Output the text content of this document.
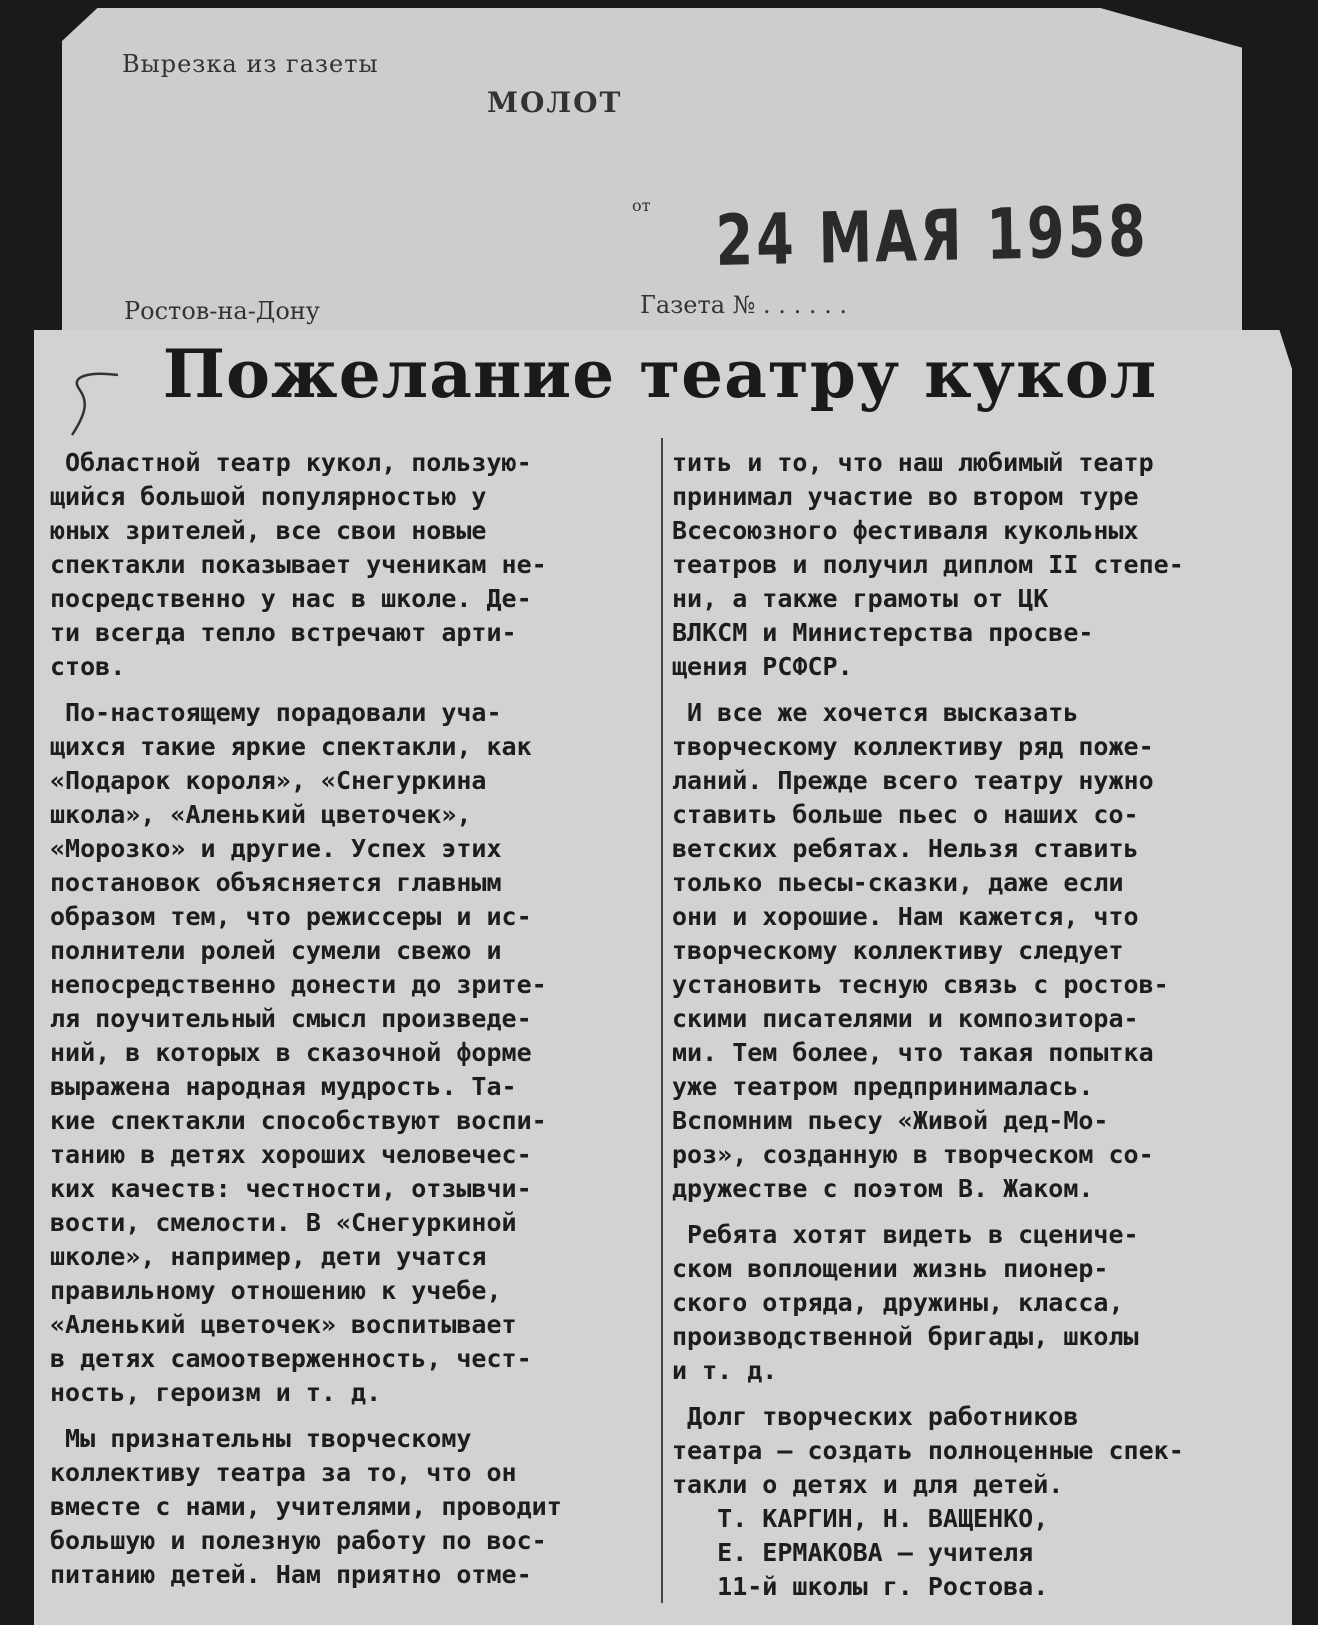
Вырезка из газеты
МОЛОТ
от 24 МАЯ 1958
Ростов-на-Дону	Газета № . . . . . .
Пожелание театру кукол
Областной театр кукол, пользую-
щийся большой популярностью у
юных зрителей, все свои новые
спектакли показывает ученикам не-
посредственно у нас в школе. Де-
ти всегда тепло встречают арти-
стов.
По-настоящему порадовали уча-
щихся такие яркие спектакли, как
«Подарок короля», «Снегуркина
школа», «Аленький цветочек»,
«Морозко» и другие. Успех этих
постановок объясняется главным
образом тем, что режиссеры и ис-
полнители ролей сумели свежо и
непосредственно донести до зрите-
ля поучительный смысл произведе-
ний, в которых в сказочной форме
выражена народная мудрость. Та-
кие спектакли способствуют воспи-
танию в детях хороших человечес-
ких качеств: честности, отзывчи-
вости, смелости. В «Снегуркиной
школе», например, дети учатся
правильному отношению к учебе,
«Аленький цветочек» воспитывает
в детях самоотверженность, чест-
ность, героизм и т. д.
Мы признательны творческому
коллективу театра за то, что он
вместе с нами, учителями, проводит
большую и полезную работу по вос-
питанию детей. Нам приятно отме-
тить и то, что наш любимый театр
принимал участие во втором туре
Всесоюзного фестиваля кукольных
театров и получил диплом II степе-
ни, а также грамоты от ЦК
ВЛКСМ и Министерства просве-
щения РСФСР.
И все же хочется высказать
творческому коллективу ряд поже-
ланий. Прежде всего театру нужно
ставить больше пьес о наших со-
ветских ребятах. Нельзя ставить
только пьесы-сказки, даже если
они и хорошие. Нам кажется, что
творческому коллективу следует
установить тесную связь с ростов-
скими писателями и композитора-
ми. Тем более, что такая попытка
уже театром предпринималась.
Вспомним пьесу «Живой дед-Мо-
роз», созданную в творческом со-
дружестве с поэтом В. Жаком.
Ребята хотят видеть в сцениче-
ском воплощении жизнь пионер-
ского отряда, дружины, класса,
производственной бригады, школы
и т. д.
Долг творческих работников
театра — создать полноценные спек-
такли о детях и для детей.
Т. КАРГИН, Н. ВАЩЕНКО,
Е. ЕРМАКОВА — учителя
11-й школы г. Ростова.
